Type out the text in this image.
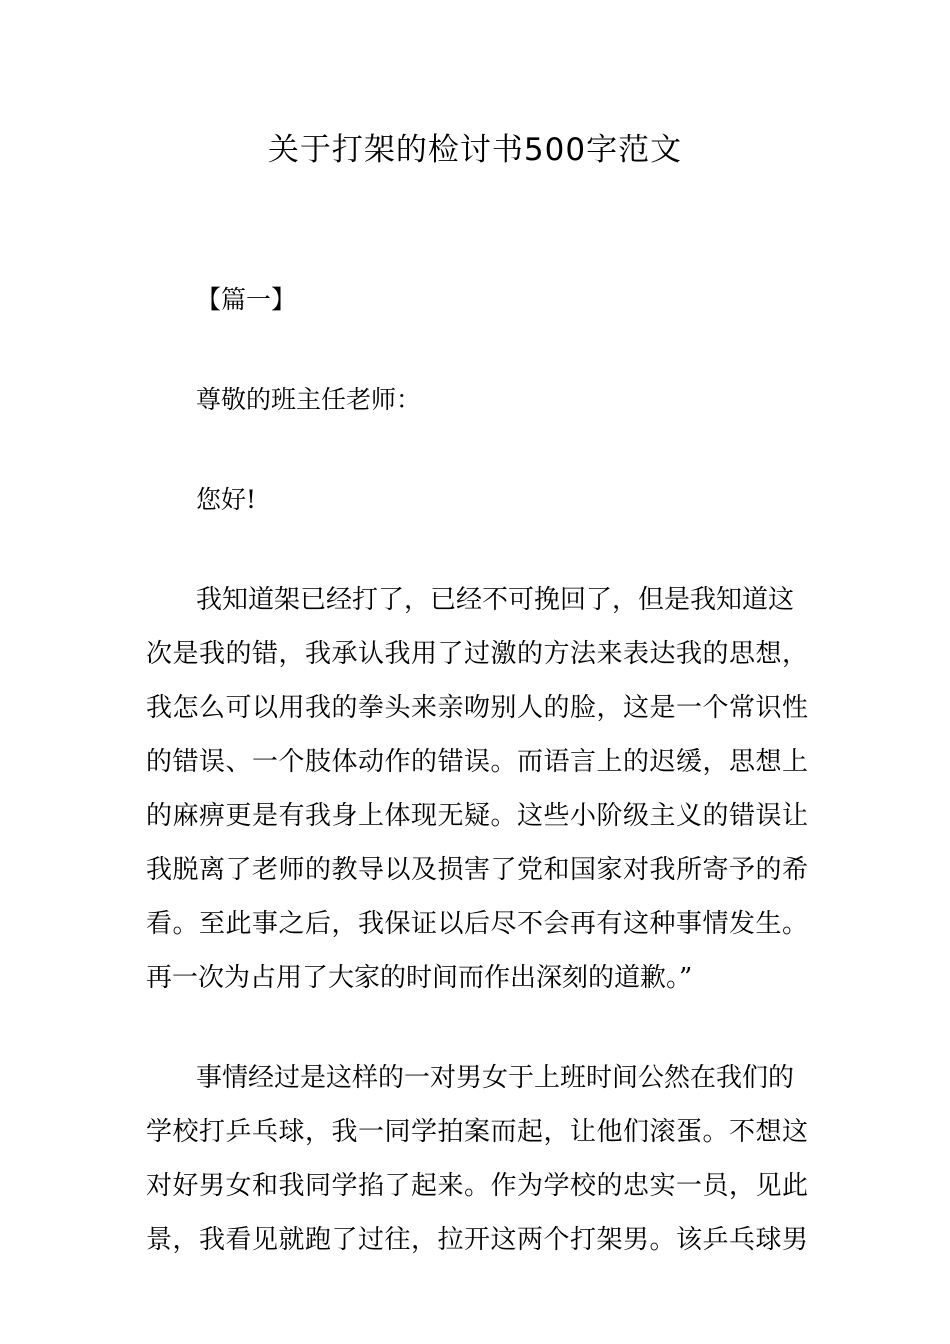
关于打架的检讨书500字范文
【篇一】
尊敬的班主任老师：
您好!
我知道架已经打了，已经不可挽回了，但是我知道这
次是我的错，我承认我用了过激的方法来表达我的思想，
我怎么可以用我的拳头来亲吻别人的脸，这是一个常识性
的错误、一个肢体动作的错误。而语言上的迟缓，思想上
的麻痹更是有我身上体现无疑。这些小阶级主义的错误让
我脱离了老师的教导以及损害了党和国家对我所寄予的希
看。至此事之后，我保证以后尽不会再有这种事情发生。
再一次为占用了大家的时间而作出深刻的道歉。”
事情经过是这样的一对男女于上班时间公然在我们的
学校打乒乓球，我一同学拍案而起，让他们滚蛋。不想这
对好男女和我同学掐了起来。作为学校的忠实一员，见此
景，我看见就跑了过往，拉开这两个打架男。该乒乓球男
